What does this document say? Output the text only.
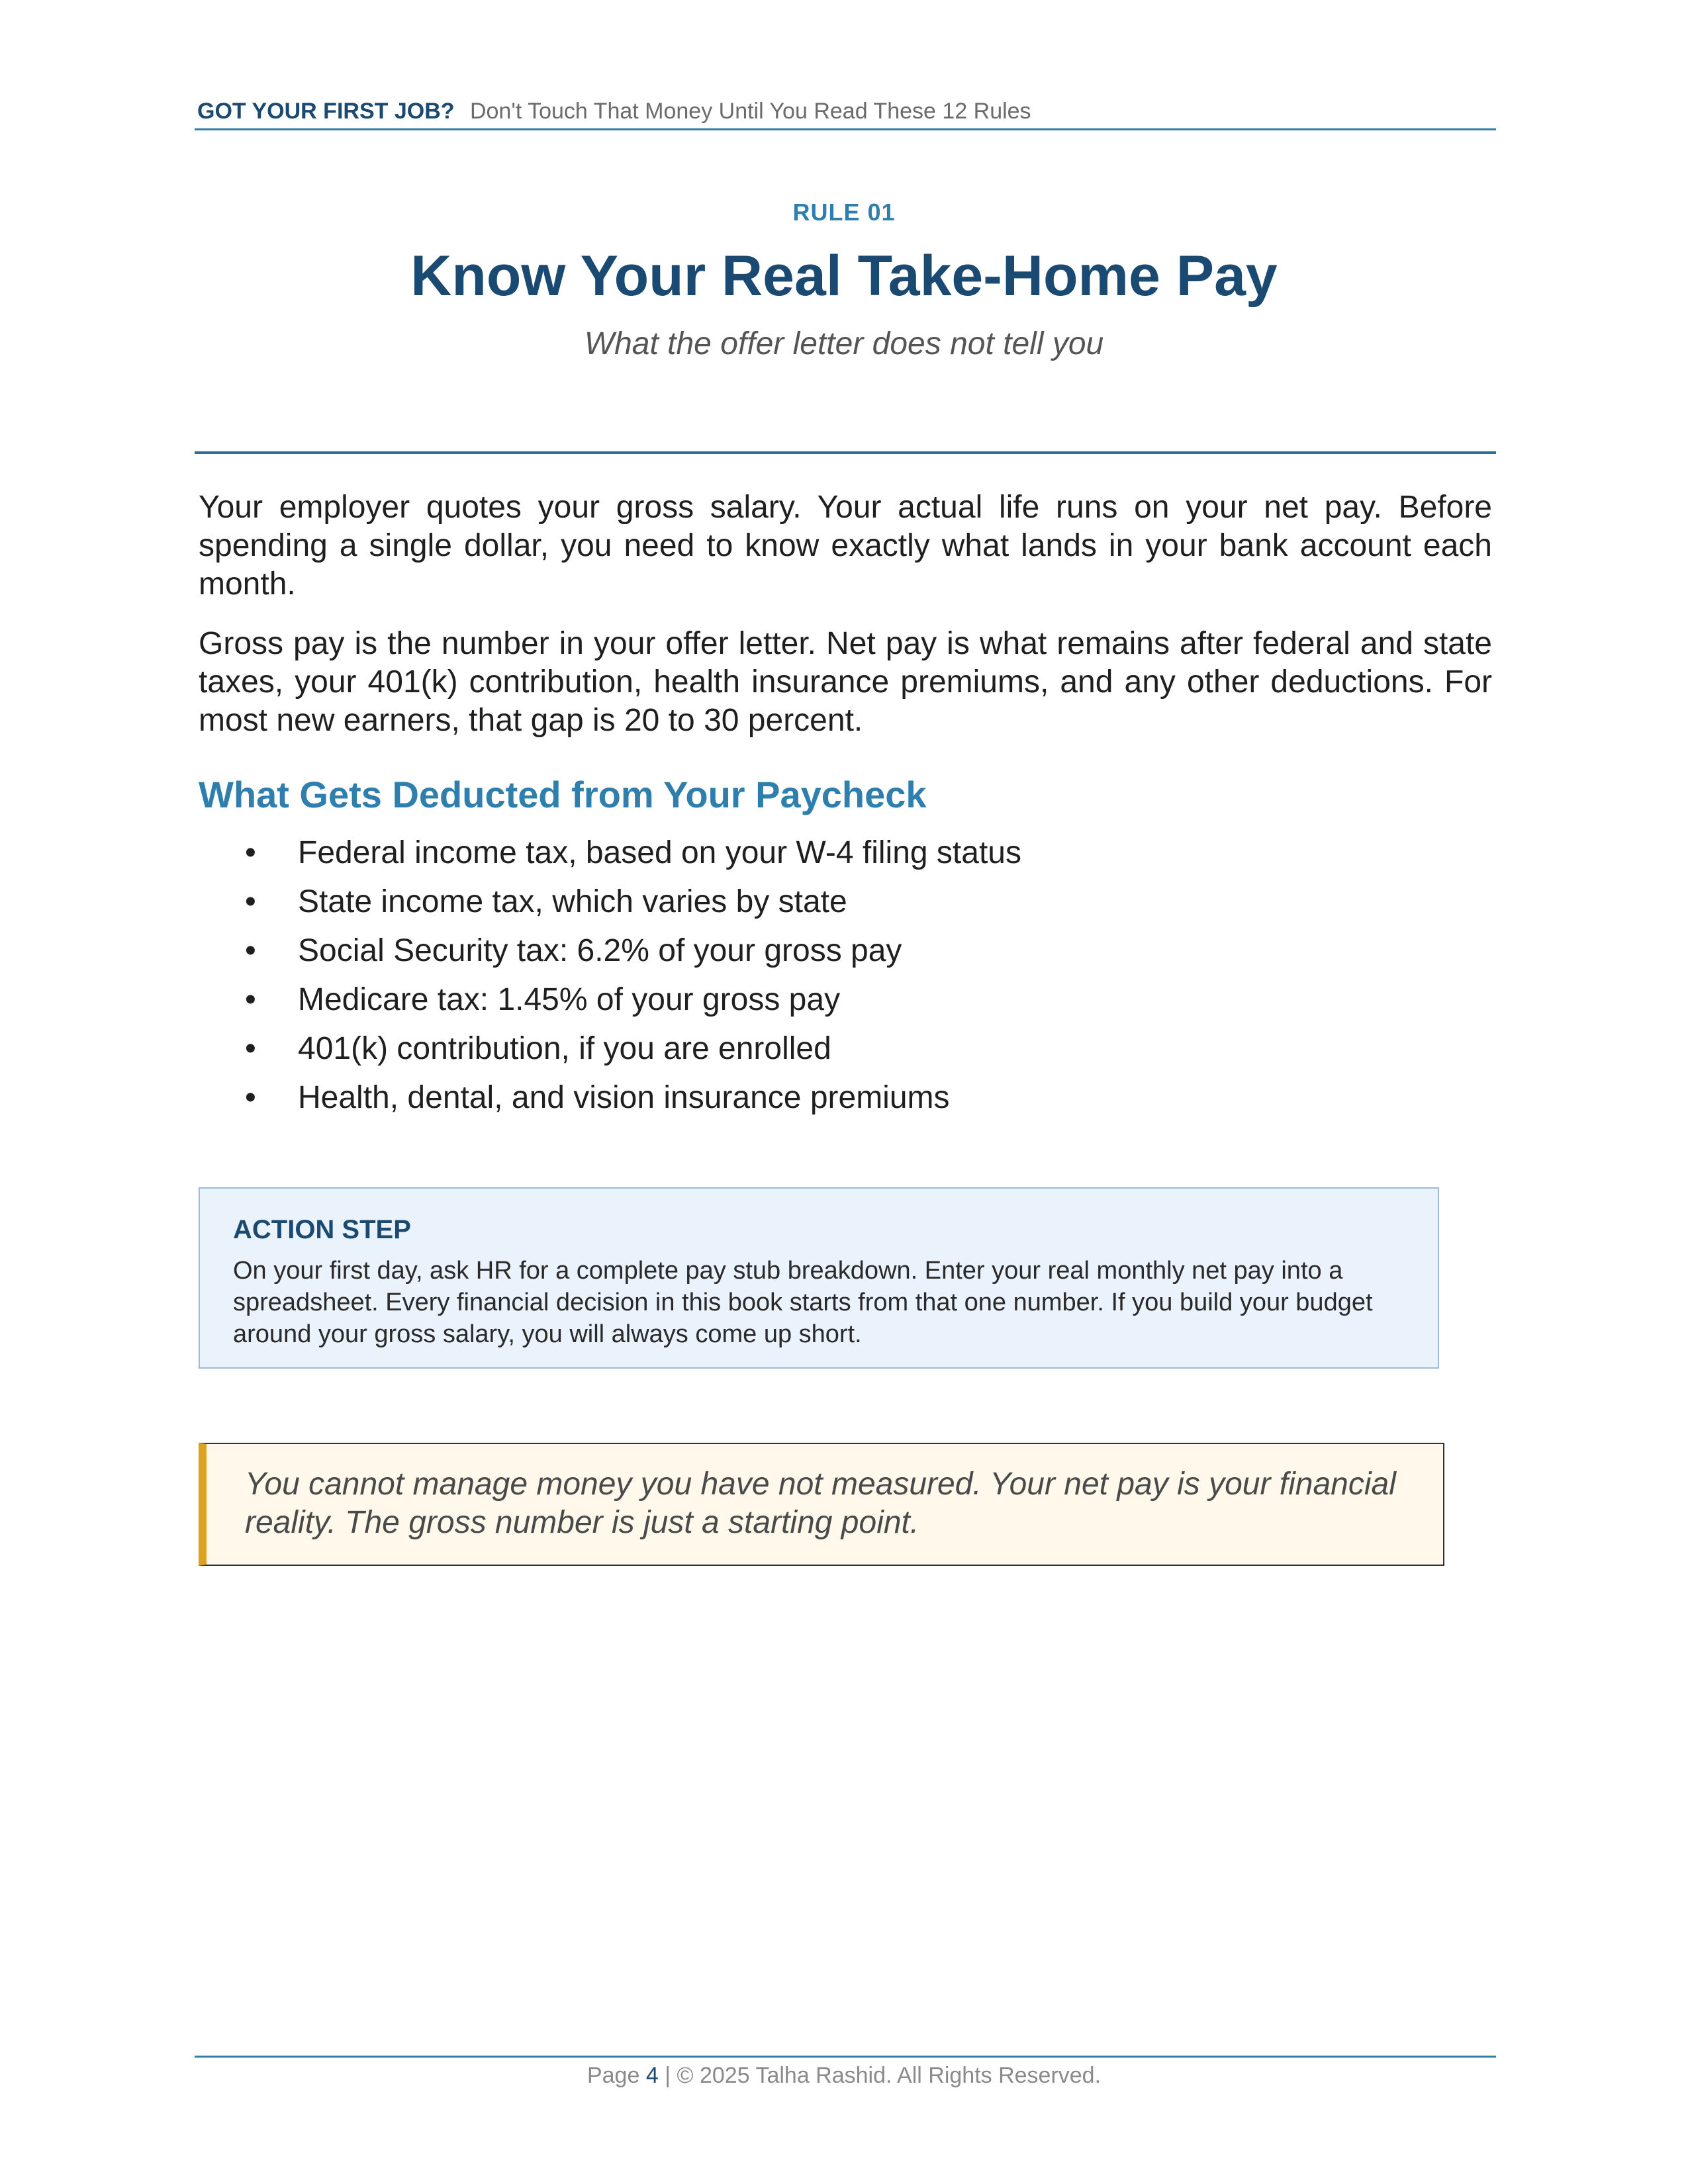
GOT YOUR FIRST JOB? Don't Touch That Money Until You Read These 12 Rules
RULE 01
Know Your Real Take-Home Pay
What the offer letter does not tell you

Your employer quotes your gross salary. Your actual life runs on your net pay. Before spending a single dollar, you need to know exactly what lands in your bank account each month.

Gross pay is the number in your offer letter. Net pay is what remains after federal and state taxes, your 401(k) contribution, health insurance premiums, and any other deductions. For most new earners, that gap is 20 to 30 percent.

What Gets Deducted from Your Paycheck
• Federal income tax, based on your W-4 filing status
• State income tax, which varies by state
• Social Security tax: 6.2% of your gross pay
• Medicare tax: 1.45% of your gross pay
• 401(k) contribution, if you are enrolled
• Health, dental, and vision insurance premiums
ACTION STEP
On your first day, ask HR for a complete pay stub breakdown. Enter your real monthly net pay into a spreadsheet. Every financial decision in this book starts from that one number. If you build your budget around your gross salary, you will always come up short.
You cannot manage money you have not measured. Your net pay is your financial reality. The gross number is just a starting point.
Page 4 | © 2025 Talha Rashid. All Rights Reserved.
